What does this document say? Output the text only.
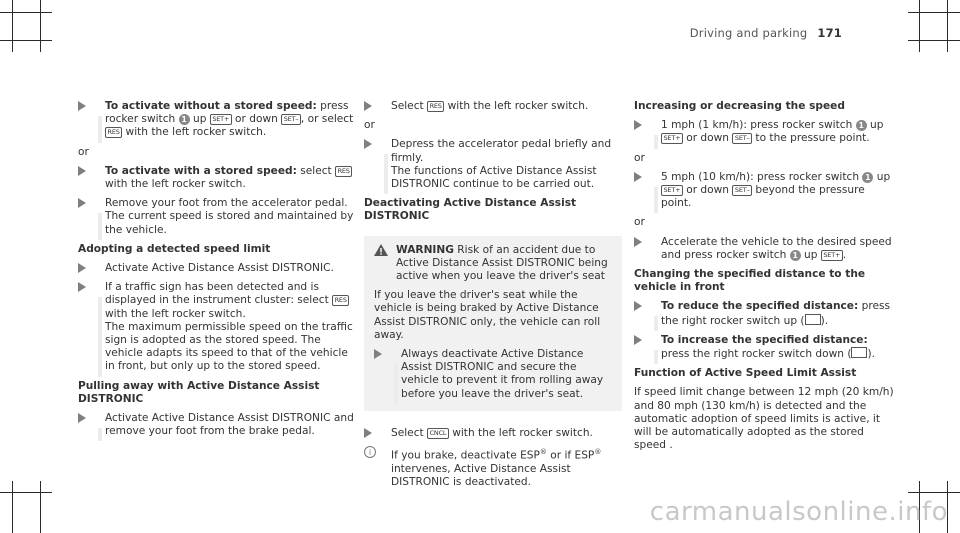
Driving and parking 171
To activate without a stored speed: press rocker switch 1 up SET+ or down SET– , or select RES with the left rocker switch.
or
To activate with a stored speed: select RES with the left rocker switch.
Remove your foot from the accelerator pedal. The current speed is stored and maintained by the vehicle.
Adopting a detected speed limit
Activate Active Distance Assist DISTRONIC.
If a traffic sign has been detected and is displayed in the instrument cluster: select RES with the left rocker switch.
The maximum permissible speed on the traffic sign is adopted as the stored speed. The vehicle adapts its speed to that of the vehicle in front, but only up to the stored speed.
Pulling away with Active Distance Assist DISTRONIC
Activate Active Distance Assist DISTRONIC and remove your foot from the brake pedal.
Select RES with the left rocker switch.
or
Depress the accelerator pedal briefly and firmly.
The functions of Active Distance Assist DISTRONIC continue to be carried out.
Deactivating Active Distance Assist DISTRONIC
WARNING Risk of an accident due to Active Distance Assist DISTRONIC being active when you leave the driver's seat

If you leave the driver's seat while the vehicle is being braked by Active Distance Assist DISTRONIC only, the vehicle can roll away.

Always deactivate Active Distance Assist DISTRONIC and secure the vehicle to prevent it from rolling away before you leave the driver's seat.
Select CNCL with the left rocker switch.
i	If you brake, deactivate ESP® or if ESP® intervenes, Active Distance Assist DISTRONIC is deactivated.
Increasing or decreasing the speed
1 mph (1 km/h): press rocker switch 1 up SET+ or down SET– to the pressure point.
or
5 mph (10 km/h): press rocker switch 1 up SET+ or down SET– beyond the pressure point.
or
Accelerate the vehicle to the desired speed and press rocker switch 1 up SET+ .
Changing the specified distance to the vehicle in front
To reduce the specified distance: press the right rocker switch up ( ).
To increase the specified distance: press the right rocker switch down ( ).
Function of Active Speed Limit Assist
If speed limit change between 12 mph (20 km/h) and 80 mph (130 km/h) is detected and the automatic adoption of speed limits is active, it will be automatically adopted as the stored speed .
carmanualsonline.info
